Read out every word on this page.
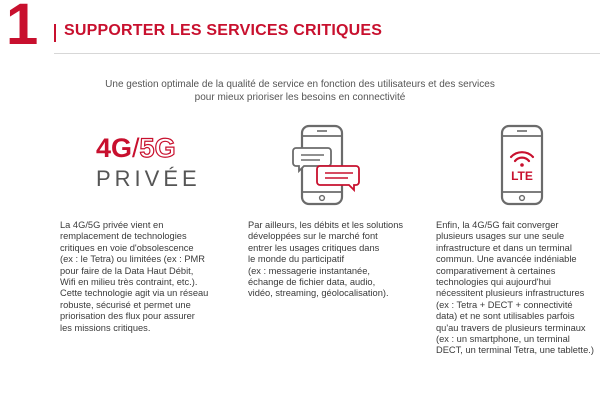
1 SUPPORTER LES SERVICES CRITIQUES
Une gestion optimale de la qualité de service en fonction des utilisateurs et des services
pour mieux prioriser les besoins en connectivité
4G/5G
PRIVÉE	LTE

La 4G/5G privée vient en

remplacement de technologies

critiques en voie d'obsolescence

(ex : le Tetra) ou limitées (ex : PMR

pour faire de la Data Haut Débit,

Wifi en milieu très contraint, etc.).

Cette technologie agit via un réseau

robuste, sécurisé et permet une

priorisation des flux pour assurer

les missions critiques.

Par ailleurs, les débits et les solutions

développées sur le marché font

entrer les usages critiques dans

le monde du participatif

(ex : messagerie instantanée,

échange de fichier data, audio,

vidéo, streaming, géolocalisation).

Enfin, la 4G/5G fait converger

plusieurs usages sur une seule

infrastructure et dans un terminal

commun. Une avancée indéniable

comparativement à certaines

technologies qui aujourd'hui

nécessitent plusieurs infrastructures

(ex : Tetra + DECT + connectivité

data) et ne sont utilisables parfois

qu'au travers de plusieurs terminaux

(ex : un smartphone, un terminal

DECT, un terminal Tetra, une tablette.)
